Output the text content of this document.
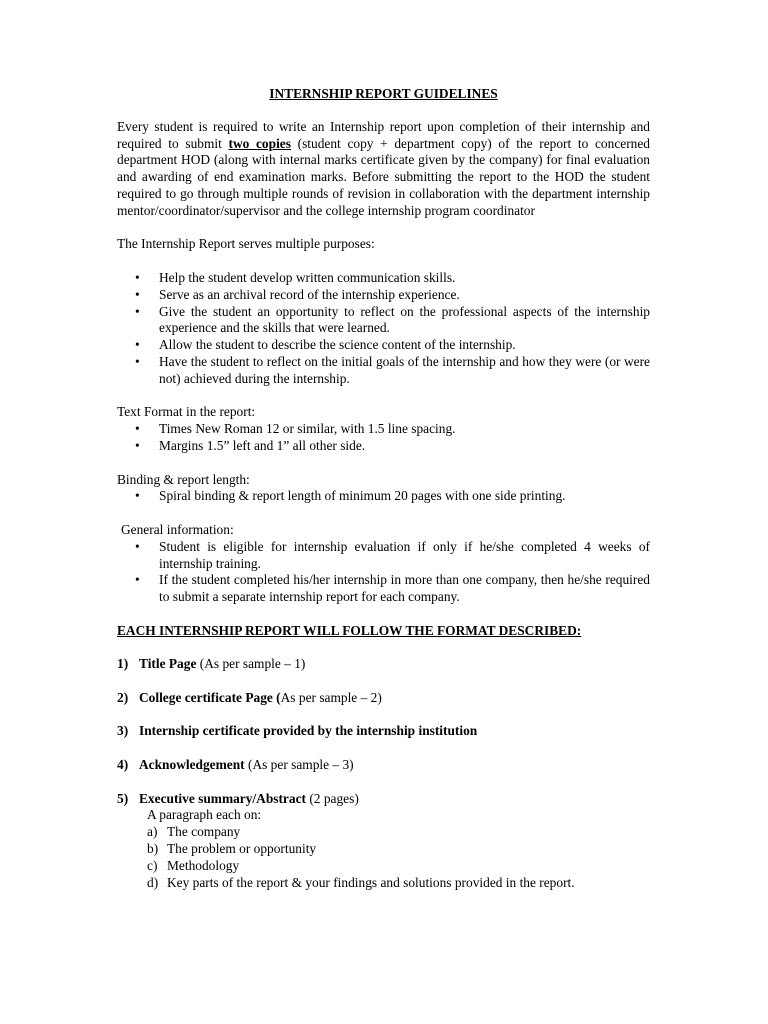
INTERNSHIP REPORT GUIDELINES

Every student is required to write an Internship report upon completion of their internship and required to submit two copies (student copy + department copy) of the report to concerned department HOD (along with internal marks certificate given by the company) for final evaluation and awarding of end examination marks. Before submitting the report to the HOD the student required to go through multiple rounds of revision in collaboration with the department internship mentor/coordinator/supervisor and the college internship program coordinator

The Internship Report serves multiple purposes:

• Help the student develop written communication skills.
• Serve as an archival record of the internship experience.
• Give the student an opportunity to reflect on the professional aspects of the internship experience and the skills that were learned.
• Allow the student to describe the science content of the internship.
• Have the student to reflect on the initial goals of the internship and how they were (or were not) achieved during the internship.

Text Format in the report:

• Times New Roman 12 or similar, with 1.5 line spacing.
• Margins 1.5” left and 1” all other side.

Binding & report length:

• Spiral binding & report length of minimum 20 pages with one side printing.

General information:

• Student is eligible for internship evaluation if only if he/she completed 4 weeks of internship training.
• If the student completed his/her internship in more than one company, then he/she required to submit a separate internship report for each company.

EACH INTERNSHIP REPORT WILL FOLLOW THE FORMAT DESCRIBED:

1) Title Page (As per sample – 1)

2) College certificate Page (As per sample – 2)

3) Internship certificate provided by the internship institution

4) Acknowledgement (As per sample – 3)

5) Executive summary/Abstract (2 pages)

A paragraph each on:

a) The company
b) The problem or opportunity
c) Methodology
d) Key parts of the report & your findings and solutions provided in the report.
